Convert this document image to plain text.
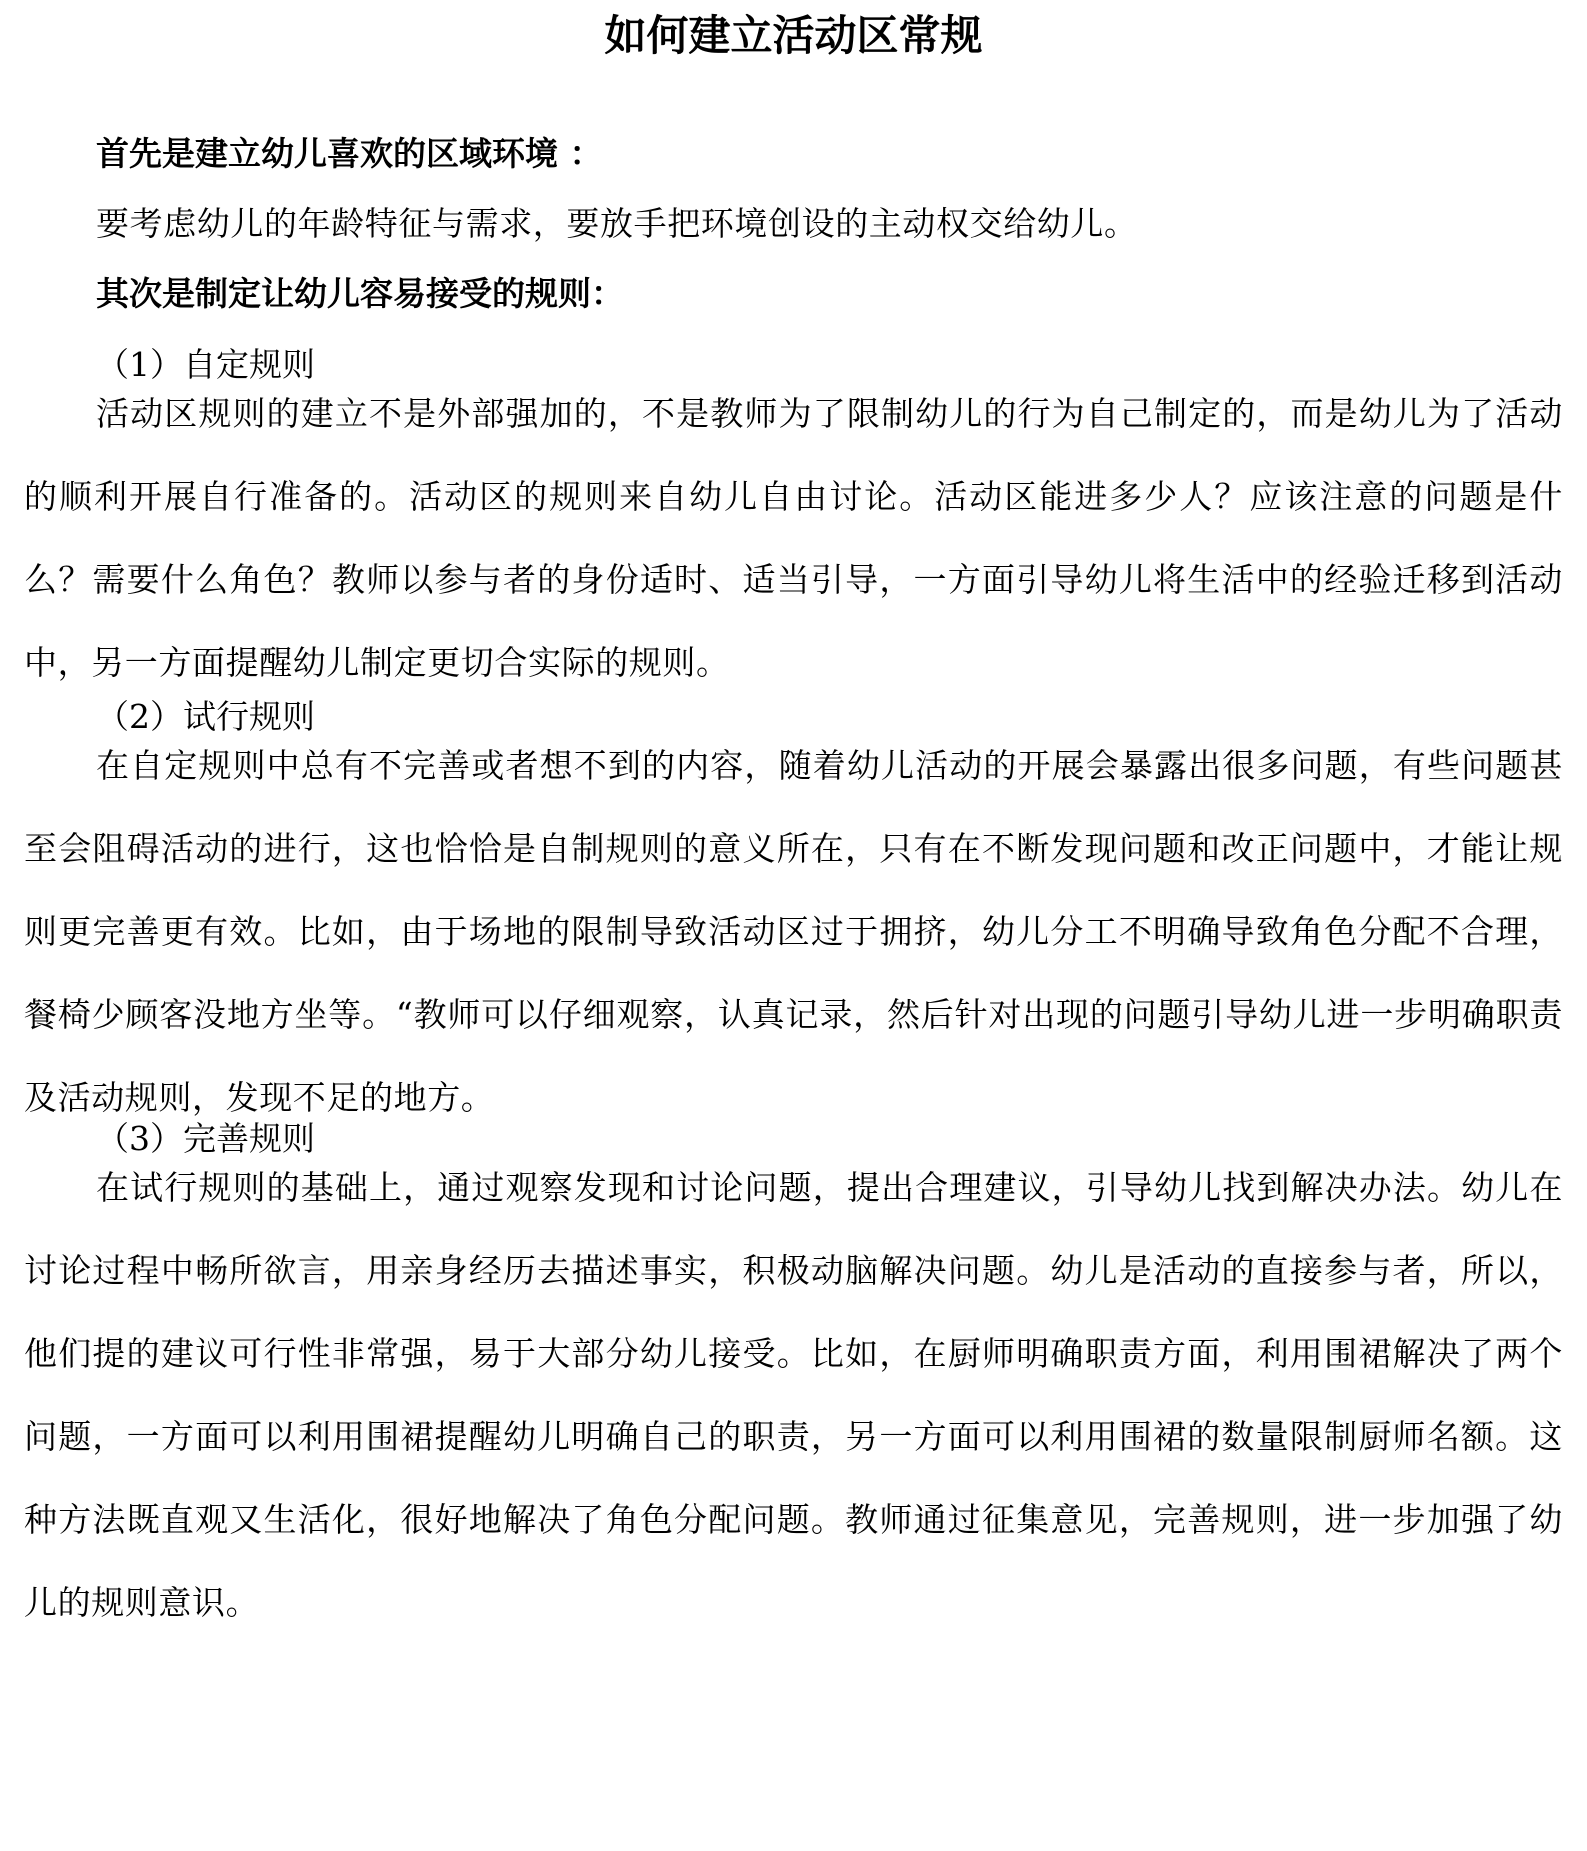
如何建立活动区常规

首先是建立幼儿喜欢的区域环境 ：

要考虑幼儿的年龄特征与需求，要放手把环境创设的主动权交给幼儿。

其次是制定让幼儿容易接受的规则：

（1）自定规则

活动区规则的建立不是外部强加的，不是教师为了限制幼儿的行为自己制定的，而是幼儿为了活动的顺利开展自行准备的。活动区的规则来自幼儿自由讨论。活动区能进多少人？应该注意的问题是什么？需要什么角色？教师以参与者的身份适时、适当引导，一方面引导幼儿将生活中的经验迁移到活动中，另一方面提醒幼儿制定更切合实际的规则。

（2）试行规则

在自定规则中总有不完善或者想不到的内容，随着幼儿活动的开展会暴露出很多问题，有些问题甚至会阻碍活动的进行，这也恰恰是自制规则的意义所在，只有在不断发现问题和改正问题中，才能让规则更完善更有效。比如，由于场地的限制导致活动区过于拥挤，幼儿分工不明确导致角色分配不合理，餐椅少顾客没地方坐等。“教师可以仔细观察，认真记录，然后针对出现的问题引导幼儿进一步明确职责及活动规则，发现不足的地方。

（3）完善规则

在试行规则的基础上，通过观察发现和讨论问题，提出合理建议，引导幼儿找到解决办法。幼儿在讨论过程中畅所欲言，用亲身经历去描述事实，积极动脑解决问题。幼儿是活动的直接参与者，所以，他们提的建议可行性非常强，易于大部分幼儿接受。比如，在厨师明确职责方面，利用围裙解决了两个问题，一方面可以利用围裙提醒幼儿明确自己的职责，另一方面可以利用围裙的数量限制厨师名额。这种方法既直观又生活化，很好地解决了角色分配问题。教师通过征集意见，完善规则，进一步加强了幼儿的规则意识。
